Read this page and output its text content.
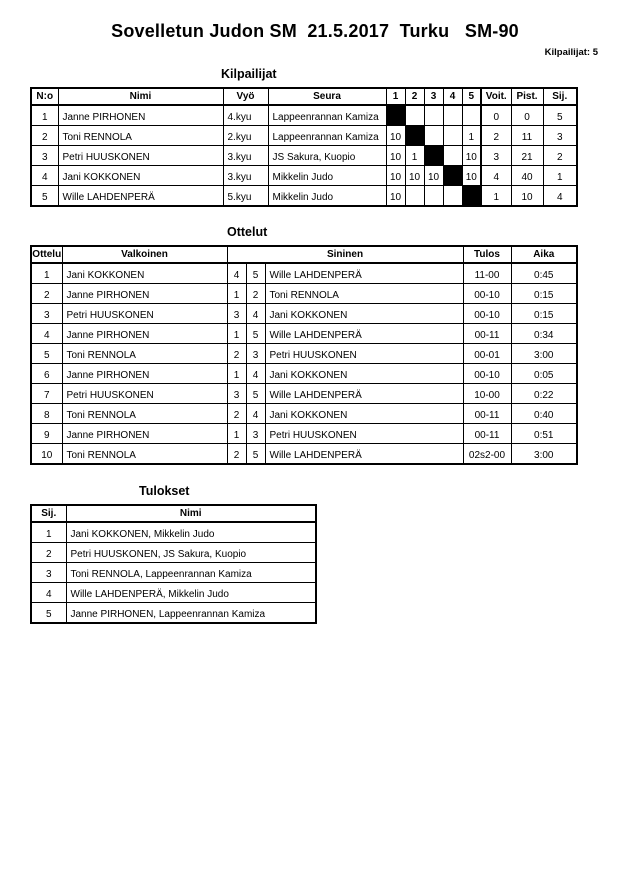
Sovelletun Judon SM  21.5.2017  Turku   SM-90
Kilpailijat: 5
Kilpailijat
N:o	Nimi	Vyö	Seura	1	2	3	4	5	Voit.	Pist.	Sij.
1	Janne PIRHONEN	4.kyu	Lappeenrannan Kamiza						0	0	5
2	Toni RENNOLA	2.kyu	Lappeenrannan Kamiza	10				1	2	11	3
3	Petri HUUSKONEN	3.kyu	JS Sakura, Kuopio	10	1			10	3	21	2
4	Jani KOKKONEN	3.kyu	Mikkelin Judo	10	10	10		10	4	40	1
5	Wille LAHDENPERÄ	5.kyu	Mikkelin Judo	10					1	10	4
Ottelut
Ottelu	Valkoinen	Sininen			Tulos	Aika
1	Jani KOKKONEN	4	5	Wille LAHDENPERÄ	11-00	0:45
2	Janne PIRHONEN	1	2	Toni RENNOLA	00-10	0:15
3	Petri HUUSKONEN	3	4	Jani KOKKONEN	00-10	0:15
4	Janne PIRHONEN	1	5	Wille LAHDENPERÄ	00-11	0:34
5	Toni RENNOLA	2	3	Petri HUUSKONEN	00-01	3:00
6	Janne PIRHONEN	1	4	Jani KOKKONEN	00-10	0:05
7	Petri HUUSKONEN	3	5	Wille LAHDENPERÄ	10-00	0:22
8	Toni RENNOLA	2	4	Jani KOKKONEN	00-11	0:40
9	Janne PIRHONEN	1	3	Petri HUUSKONEN	00-11	0:51
10	Toni RENNOLA	2	5	Wille LAHDENPERÄ	02s2-00	3:00
Tulokset
Sij.	Nimi
1	Jani KOKKONEN, Mikkelin Judo
2	Petri HUUSKONEN, JS Sakura, Kuopio
3	Toni RENNOLA, Lappeenrannan Kamiza
4	Wille LAHDENPERÄ, Mikkelin Judo
5	Janne PIRHONEN, Lappeenrannan Kamiza
